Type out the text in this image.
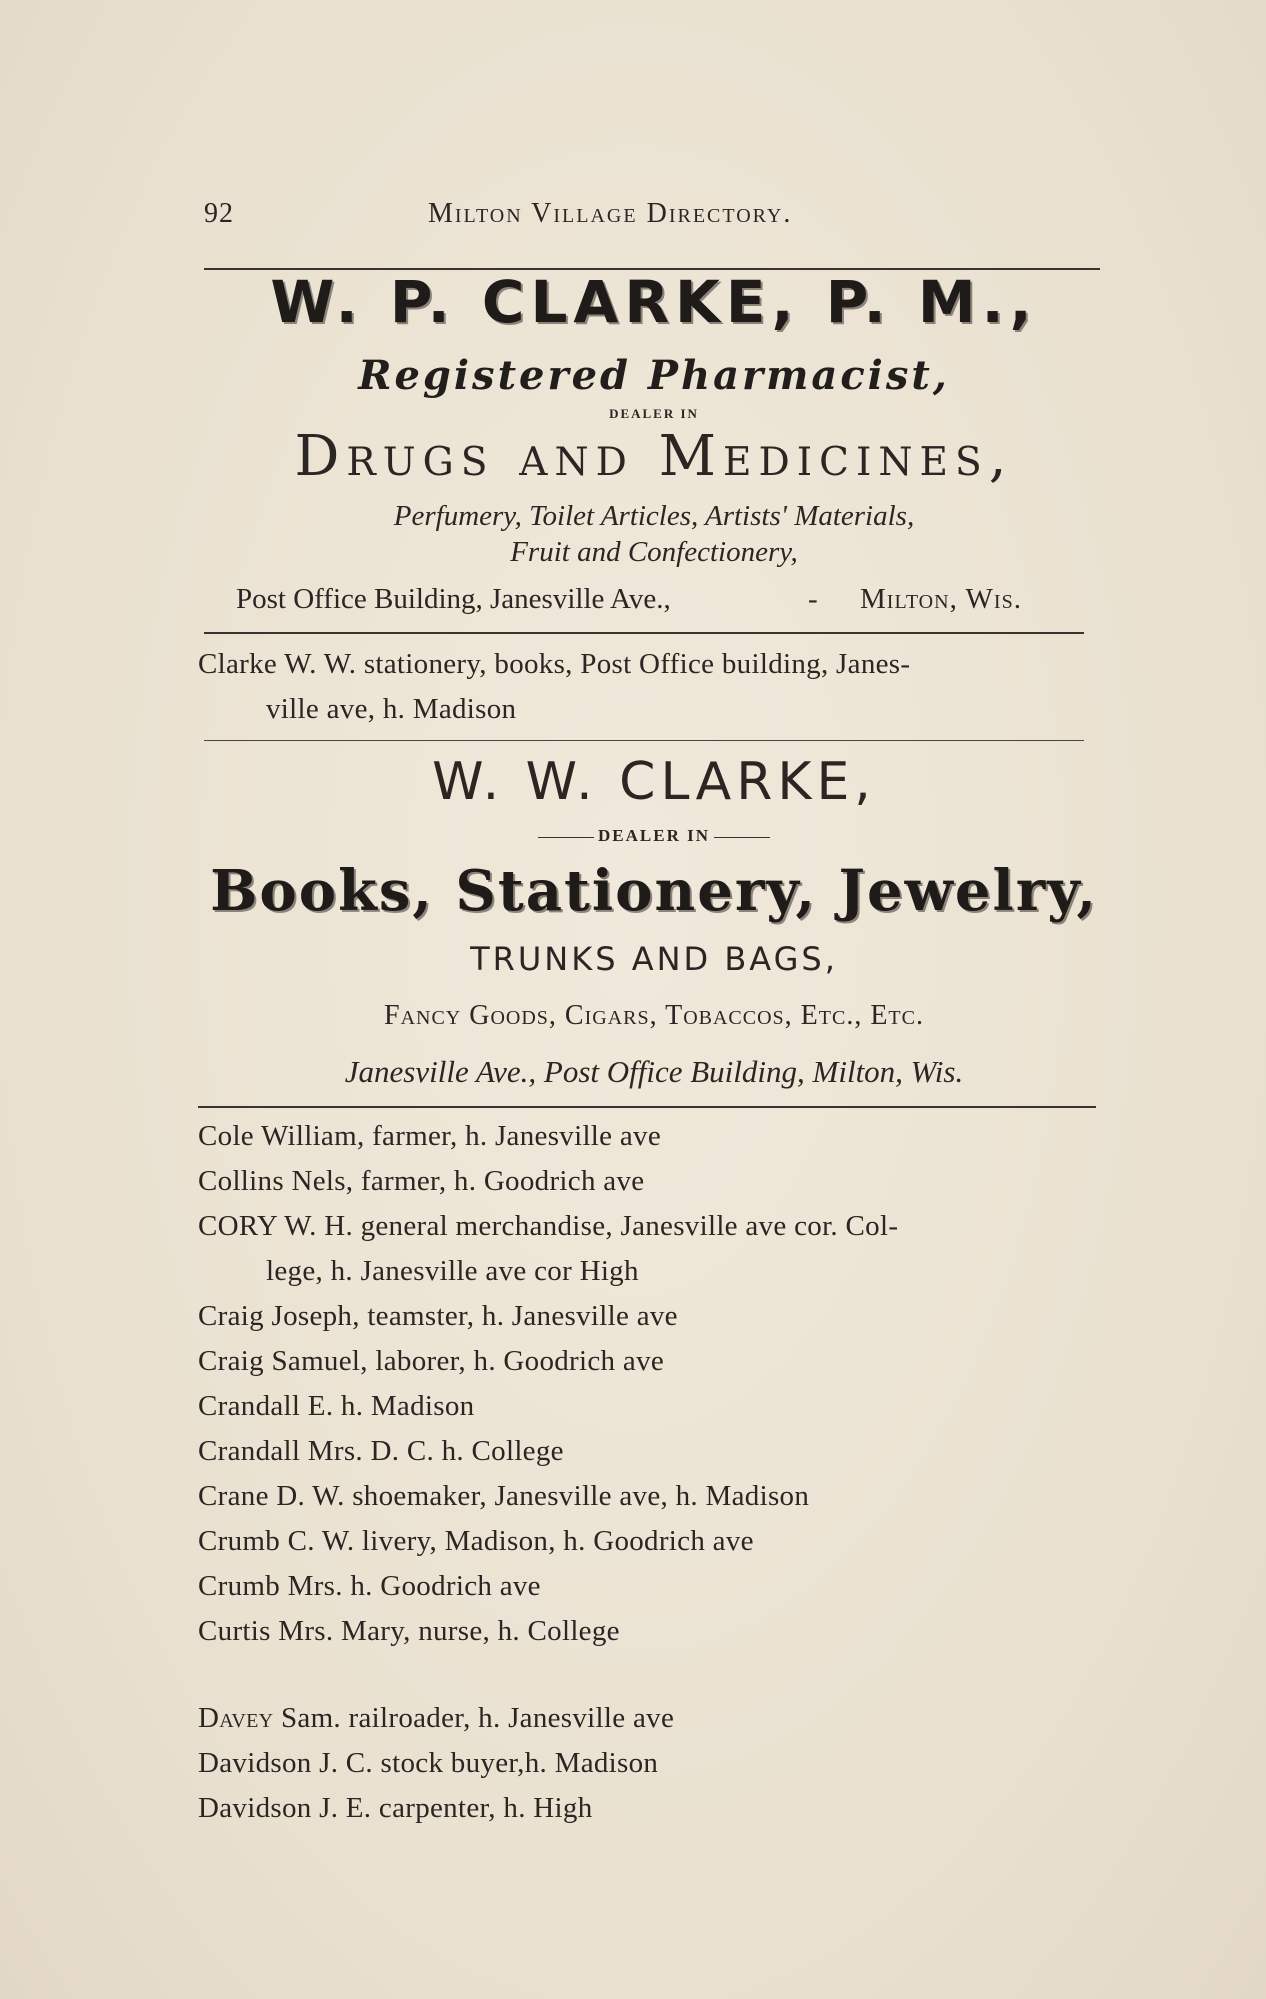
92	Milton Village Directory.
W. P. CLARKE, P. M.,
Registered Pharmacist,
DEALER IN
Drugs and Medicines,
Perfumery, Toilet Articles, Artists' Materials,
Fruit and Confectionery,
Post Office Building, Janesville Ave.,	- Milton, Wis.
Clarke W. W. stationery, books, Post Office building, Janes-
ville ave, h. Madison
W. W. CLARKE,
DEALER IN
Books, Stationery, Jewelry,
TRUNKS AND BAGS,
Fancy Goods, Cigars, Tobaccos, Etc., Etc.
Janesville Ave., Post Office Building, Milton, Wis.
Cole William, farmer, h. Janesville ave
Collins Nels, farmer, h. Goodrich ave
CORY W. H. general merchandise, Janesville ave cor. Col-
lege, h. Janesville ave cor High
Craig Joseph, teamster, h. Janesville ave
Craig Samuel, laborer, h. Goodrich ave
Crandall E. h. Madison
Crandall Mrs. D. C. h. College
Crane D. W. shoemaker, Janesville ave, h. Madison
Crumb C. W. livery, Madison, h. Goodrich ave
Crumb Mrs. h. Goodrich ave
Curtis Mrs. Mary, nurse, h. College
Davey Sam. railroader, h. Janesville ave
Davidson J. C. stock buyer,h. Madison
Davidson J. E. carpenter, h. High
